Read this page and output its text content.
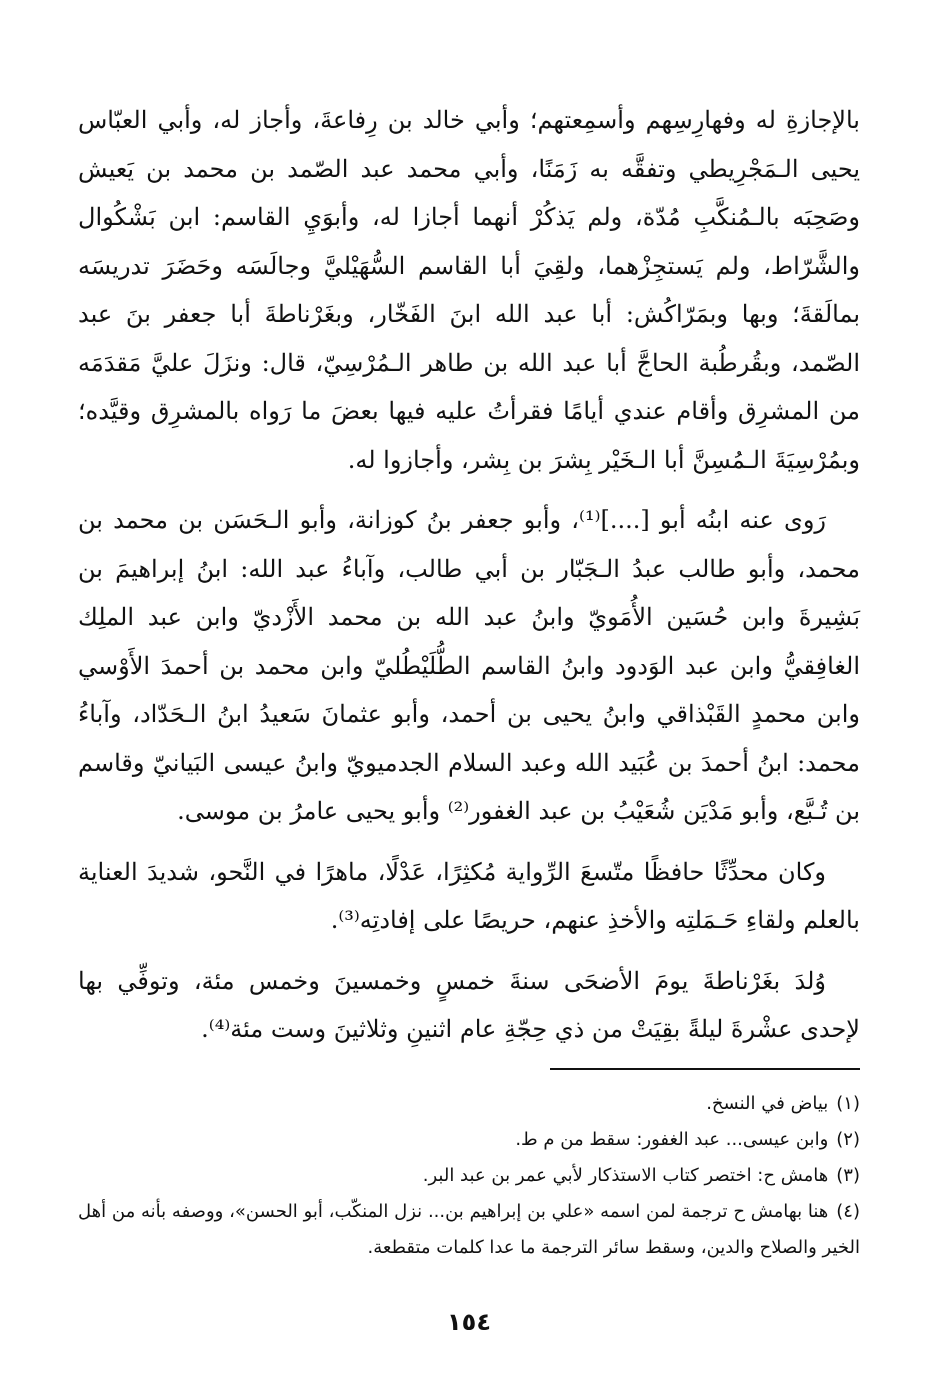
بالإجازةِ له وفهارِسِهم وأسمِعتهم؛ وأبي خالد بن رِفاعةَ، وأجاز له، وأبي العبّاس يحيى الـمَجْرِيطي وتفقَّه به زَمَنًا، وأبي محمد عبد الصّمد بن محمد بن يَعيش وصَحِبَه بالـمُنكَّبِ مُدّة، ولم يَذكُرْ أنهما أجازا له، وأبوَيِ القاسم: ابن بَشْكُوال والشَّرّاط، ولم يَستجِزْهما، ولقِيَ أبا القاسم السُّهَيْليَّ وجالَسَه وحَضَرَ تدريسَه بمالَقةَ؛ وبها وبمَرّاكُش: أبا عبد الله ابنَ الفَخّار، وبغَرْناطةَ أبا جعفر بنَ عبد الصّمد، وبقُرطُبة الحاجَّ أبا عبد الله بن طاهر الـمُرْسِيّ، قال: ونزَلَ عليَّ مَقدَمَه من المشرِق وأقام عندي أيامًا فقرأتُ عليه فيها بعضَ ما رَواه بالمشرِق وقيَّده؛ وبمُرْسِيَةَ الـمُسِنَّ أبا الـخَيْر بِشرَ بن بِشر، وأجازوا له.

رَوى عنه ابنُه أبو [....]⁽¹⁾، وأبو جعفر بنُ كوزانة، وأبو الـحَسَن بن محمد بن محمد، وأبو طالب عبدُ الـجَبّار بن أبي طالب، وآباءُ عبد الله: ابنُ إبراهيمَ بن بَشِيرةَ وابن حُسَين الأُمَويّ وابنُ عبد الله بن محمد الأَزْديّ وابن عبد الملِك الغافِقيُّ وابن عبد الوَدود وابنُ القاسم الطُّلَيْطُليّ وابن محمد بن أحمدَ الأَوْسي وابن محمدٍ القَبْذاقي وابنُ يحيى بن أحمد، وأبو عثمانَ سَعيدُ ابنُ الـحَدّاد، وآباءُ محمد: ابنُ أحمدَ بن عُبَيد الله وعبد السلام الجدميويّ وابنُ عيسى البَيانيّ وقاسم بن تُـبَّع، وأبو مَدْيَن شُعَيْبُ بن عبد الغفور⁽²⁾ وأبو يحيى عامرُ بن موسى.

وكان محدِّثًا حافظًا متّسعَ الرِّواية مُكثِرًا، عَدْلًا، ماهرًا في النَّحو، شديدَ العناية بالعلم ولقاءِ حَـمَلتِه والأخذِ عنهم، حريصًا على إفادتِه⁽³⁾.

وُلدَ بغَرْناطةَ يومَ الأضحَى سنةَ خمسٍ وخمسينَ وخمس مئة، وتوفِّي بها لإحدى عشْرةَ ليلةً بقِيَتْ من ذي حِجّةِ عام اثنينِ وثلاثينَ وست مئة⁽⁴⁾.

(١)بياض في النسخ.

(٢)وابن عيسى... عبد الغفور: سقط من م ط.

(٣)هامش ح: اختصر كتاب الاستذكار لأبي عمر بن عبد البر.

(٤)هنا بهامش ح ترجمة لمن اسمه «علي بن إبراهيم بن... نزل المنكّب، أبو الحسن»، ووصفه بأنه من أهل الخير والصلاح والدين، وسقط سائر الترجمة ما عدا كلمات متقطعة.

١٥٤
